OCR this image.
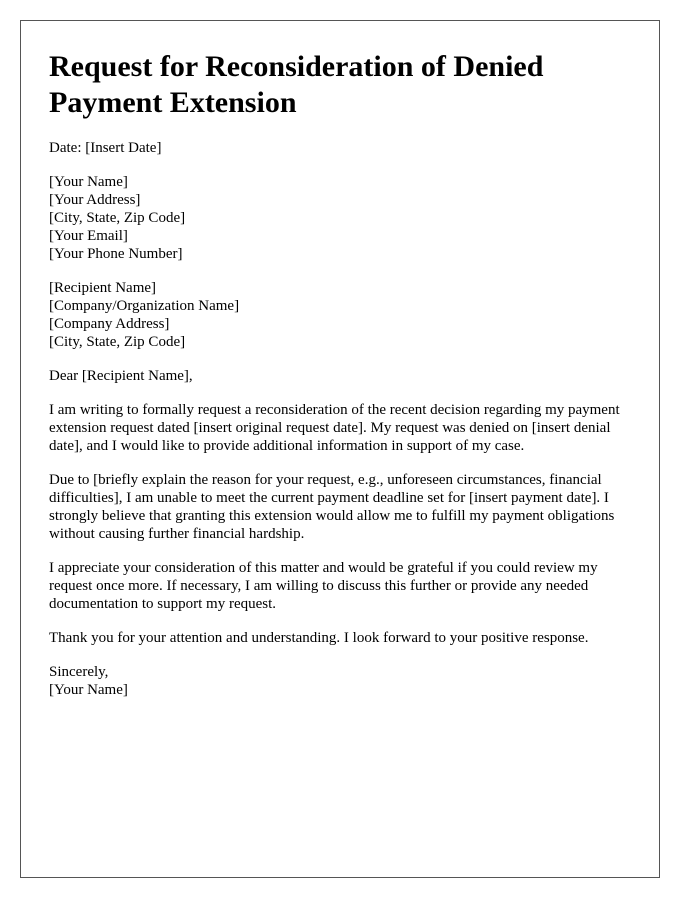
Request for Reconsideration of Denied Payment Extension

Date: [Insert Date]

[Your Name]

[Your Address]

[City, State, Zip Code]

[Your Email]

[Your Phone Number]

[Recipient Name]

[Company/Organization Name]

[Company Address]

[City, State, Zip Code]

Dear [Recipient Name],

I am writing to formally request a reconsideration of the recent decision regarding my payment extension request dated [insert original request date]. My request was denied on [insert denial date], and I would like to provide additional information in support of my case.

Due to [briefly explain the reason for your request, e.g., unforeseen circumstances, financial difficulties], I am unable to meet the current payment deadline set for [insert payment date]. I strongly believe that granting this extension would allow me to fulfill my payment obligations without causing further financial hardship.

I appreciate your consideration of this matter and would be grateful if you could review my request once more. If necessary, I am willing to discuss this further or provide any needed documentation to support my request.

Thank you for your attention and understanding. I look forward to your positive response.

Sincerely,

[Your Name]
